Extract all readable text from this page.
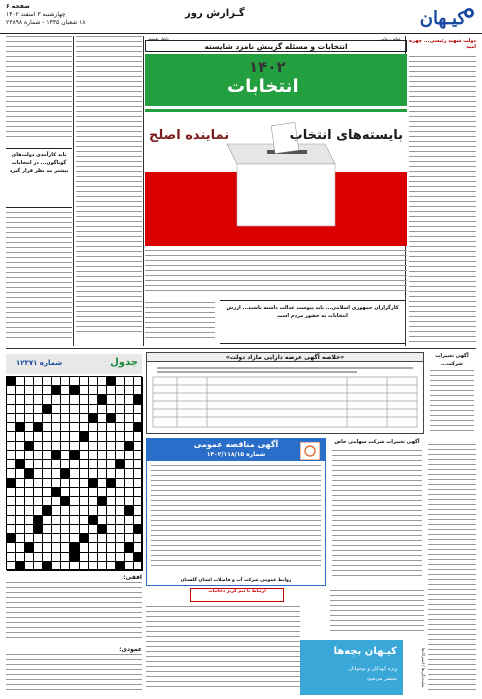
کیـهان
گـزارش روز
صفحه ۶
چهارشنبه ۳ اسفند ۱۴۰۲
۱۸ شعبان ۱۴۴۵ - شماره ۲۳۸۹۸
دولت شهید رئیسی... چهره امید
انتخابات و مسئله گزینش نامزد شایسته
عباس زمانی
یاشار تقسیم
۱۴۰۲
انتخابات
بایسته‌های انتخاب
نماینده اصلح
کارگزاران جمهوری اسلامی... باید پیوست عدالت داشته باشند... ارزش انتخابات به حضور مردم است
باید کارآمدی دولت‌های گوناگون... در انتخابات بیشتر مد نظر قرار گیرد
آگهی تغییرات شرکت...
«خلاصه آگهی عرضه دارایی مازاد دولت»
آگهی مناقصه عمومی
شماره ۱۴۰۲/۱۱۸/۱۵
روابط عمومی شرکت آب و فاضلاب استان گلستان
آگهی تغییرات شرکت سهامی خاص
ارتباط با تیم گریز دخانیات
کیـهان بچه‌ها
ویژه کودکان و نوجوانان
منتشر می‌شود	نماینده‌گی‌ها / اشتراک‌ها
جدول
شماره ۱۲۳۷۱
افقی:
عمودی:
